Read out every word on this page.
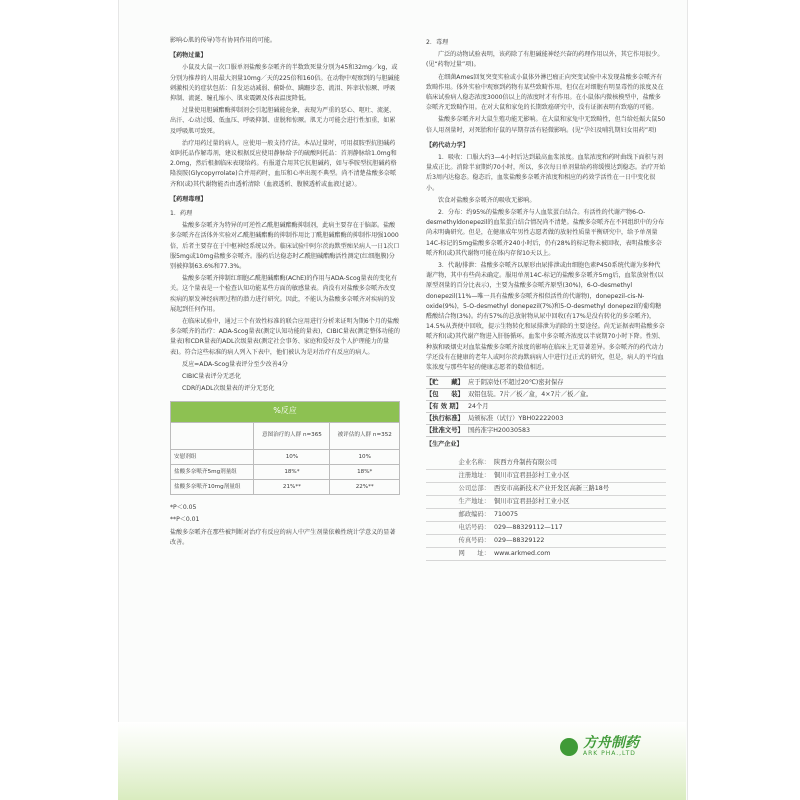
影响心肌的传导)等有协同作用的可能。

【 药物过量 】

小鼠及大鼠一次口服单剂盐酸多奈哌齐的半数致死量分别为45和32mg／kg，或分别为推荐的人用最大剂量10mg／天的225倍和160倍。在动物中观察到的与胆碱能刺激相关的症状包括：自发运动减弱、俯卧位、蹒跚步态、流泪、阵挛状惊厥、呼吸抑制、流涎、瞳孔缩小、肌束震颤及体表温度降低。

过量使用胆碱酯酶抑制剂会引起胆碱能危象，表现为严重的恶心、呕吐、流涎、出汗、心动过缓、低血压、呼吸抑制、虚脱和惊厥。肌无力可能会进行性加重，如累及呼吸肌可致死。

治疗用药过量的病人，应使用一般支持疗法。本品过量时，可用叔胺型抗胆碱药如阿托品作解毒剂，建议根据反应使用静脉给予的硫酸阿托品：首剂静脉给1.0mg和2.0mg，然后根据临床表现给药。有报道合用其它抗胆碱药，如与季胺型抗胆碱药格隆溴胺(Glycopyrrolate)合并用药时，血压和心率出现不典型。尚不清楚盐酸多奈哌齐和(或)其代谢物能否由透析清除（血液透析、腹膜透析或血液过滤）。

【 药理毒理 】

1．药理

盐酸多奈哌齐为特异的可逆性乙酰胆碱酯酶抑制剂，此病主要存在于脑部。盐酸多奈哌齐在活体外实验对乙酰胆碱酯酶的抑制作用比丁酰胆碱酯酶的抑制作用强1000倍，后者主要存在于中枢神经系统以外。临床试验中阿尔茨海默型痴呆病人一日1次口服5mg或10mg盐酸多奈哌齐。服药后达稳态时乙酰胆碱酯酶活性测定(红细胞膜)分别被抑制63.6%和77.3%。

盐酸多奈哌齐抑制红细胞乙酰胆碱酯酶(AChE)的作用与ADA-Scog量表的变化有关。这个量表是一个检查认知功能某些方面的敏感量表。尚没有对盐酸多奈哌齐改变疾病的原发神经病理过程的潜力进行研究。因此，不能认为盐酸多奈哌齐对疾病的发展起到任何作用。

在临床试验中，通过三个有效性标准的联合应用进行分析来证明为期6个月的盐酸多奈哌齐的治疗：ADA-Scog量表(测定认知功能的量表)，CIBIC量表(测定整体功能的量表)和CDR量表的ADL次级量表(测定社会事务、家庭和爱好及个人护理能力的量表)。符合这些标准的病人列入下表中，他们被认为是对治疗有反应的病人。

反应=ADA-Scog量表评分至少改善4分

CIBIC量表评分无恶化

CDR的ADL次级量表的评分无恶化

%反应		
	意图治疗的人群 n=365	被评估的人群 n=352
安慰剂组	10%	10%
盐酸多奈哌齐5mg剂量组	18%*	18%*
盐酸多奈哌齐10mg剂量组	21%**	22%**

*P＜0.05

**P＜0.01

盐酸多奈哌齐在那些被判断对治疗有反应的病人中产生剂量依赖性统计学意义的显著改善。

2．毒理

广泛的动物试验表明，该药除了有胆碱能神经兴奋的药理作用以外，其它作用很少。(见“药物过量”项)。

在细菌Ames回复突变实验或小鼠体外淋巴瘤正向突变试验中未发现盐酸多奈哌齐有致畸作用。体外实验中观察到药物有某些致畸作用，但仅在对细胞有明显毒性的浓度及在临床试验病人稳态浓度3000倍以上的浓度时才有作用。在小鼠体内微核模型中，盐酸多奈哌齐无致畸作用。在对大鼠和家兔的长期致癌研究中，没有证据表明有致癌的可能。

盐酸多奈哌齐对大鼠生殖功能无影响。在大鼠和家兔中无致畸性，但当给妊娠大鼠50倍人用剂量时，对死胎和仔鼠的早期存活有轻微影响。(见“孕妇及哺乳期妇女用药”项)

【 药代动力学 】

1．吸收：口服大约3—4小时后达到最高血浆浓度。血浆浓度和药时曲线下面积与剂量成正比。消除半衰期约70小时，所以，多次每日单剂量给药将缓慢达到稳态。治疗开始后3周内达稳态。稳态后，血浆盐酸多奈哌齐浓度和相应的药效学活性在一日中变化很小。

饮食对盐酸多奈哌齐的吸收无影响。

2．分布：约95%的盐酸多奈哌齐与人血浆蛋白结合。有活性的代谢产物6-O-desmethyldonepezil的血浆蛋白结合情况尚不清楚。盐酸多奈哌齐在不同组织中的分布尚未明确研究。但是，在健康成年男性志愿者做的放射性质量平衡研究中，给予单剂量14C-标记的5mg盐酸多奈哌齐240小时后，仍有28%的标记物未被回收，表明盐酸多奈哌齐和(或)其代谢物可能在体内存留10天以上。

3．代谢/排泄：盐酸多奈哌齐以原形由尿排泄或由细胞色素P450系统代谢为多种代谢产物，其中有些尚未确定。服用单剂14C-标记的盐酸多奈哌齐5mg后，血浆放射性(以原型剂量的百分比表示)，主要为盐酸多奈哌齐原型(30%)，6-O-desmethyl donepezil(11%—唯一具有盐酸多奈哌齐相似活性的代谢物)，donepezil-cis-N-oxide(9%)，5-O-desmethyl donepezil(7%)和5-O-desmethyl donepezil的葡萄糖醛酸结合物(3%)。约有57%的总放射物从尿中回收(有17%是没有转化的多奈哌齐)，14.5%从粪便中回收，提示生物转化和尿排泄为消除的主要途径。尚无证据表明盐酸多奈哌齐和(或)其代谢产物进入肝肠循环。血浆中多奈哌齐浓度以半衰期70小时下降。性别、种族和吸烟史对血浆盐酸多奈哌齐浓度的影响在临床上无显著差异。多奈哌齐的药代动力学还没有在健康的老年人或阿尔茨海默病病人中进行过正式的研究，但是，病人的平均血浆浓度与那些年轻的健康志愿者的数值相近。

【 贮　　藏 】	应于阴凉处(不超过20℃)密封保存
【 包　　装 】	双铝包装。7片／板／盒，4×7片／板／盒。
【 有 效 期 】	24个月
【 执行标准 】	局颁标准（试行）YBH02222003
【 批准文号 】	国药准字H20030583
【 生产企业 】
企业名称： 陕西方舟制药有限公司
注册地址： 铜川市宜君县彭村工业小区
公司总部： 西安市高新技术产业开发区高新三路18号
生产地址： 铜川市宜君县彭村工业小区
邮政编码： 710075
电话号码： 029—88329112—117
传真号码： 029—88329122
网　　址： www.arkmed.com
方舟制药
ARK PHA.,LTD
